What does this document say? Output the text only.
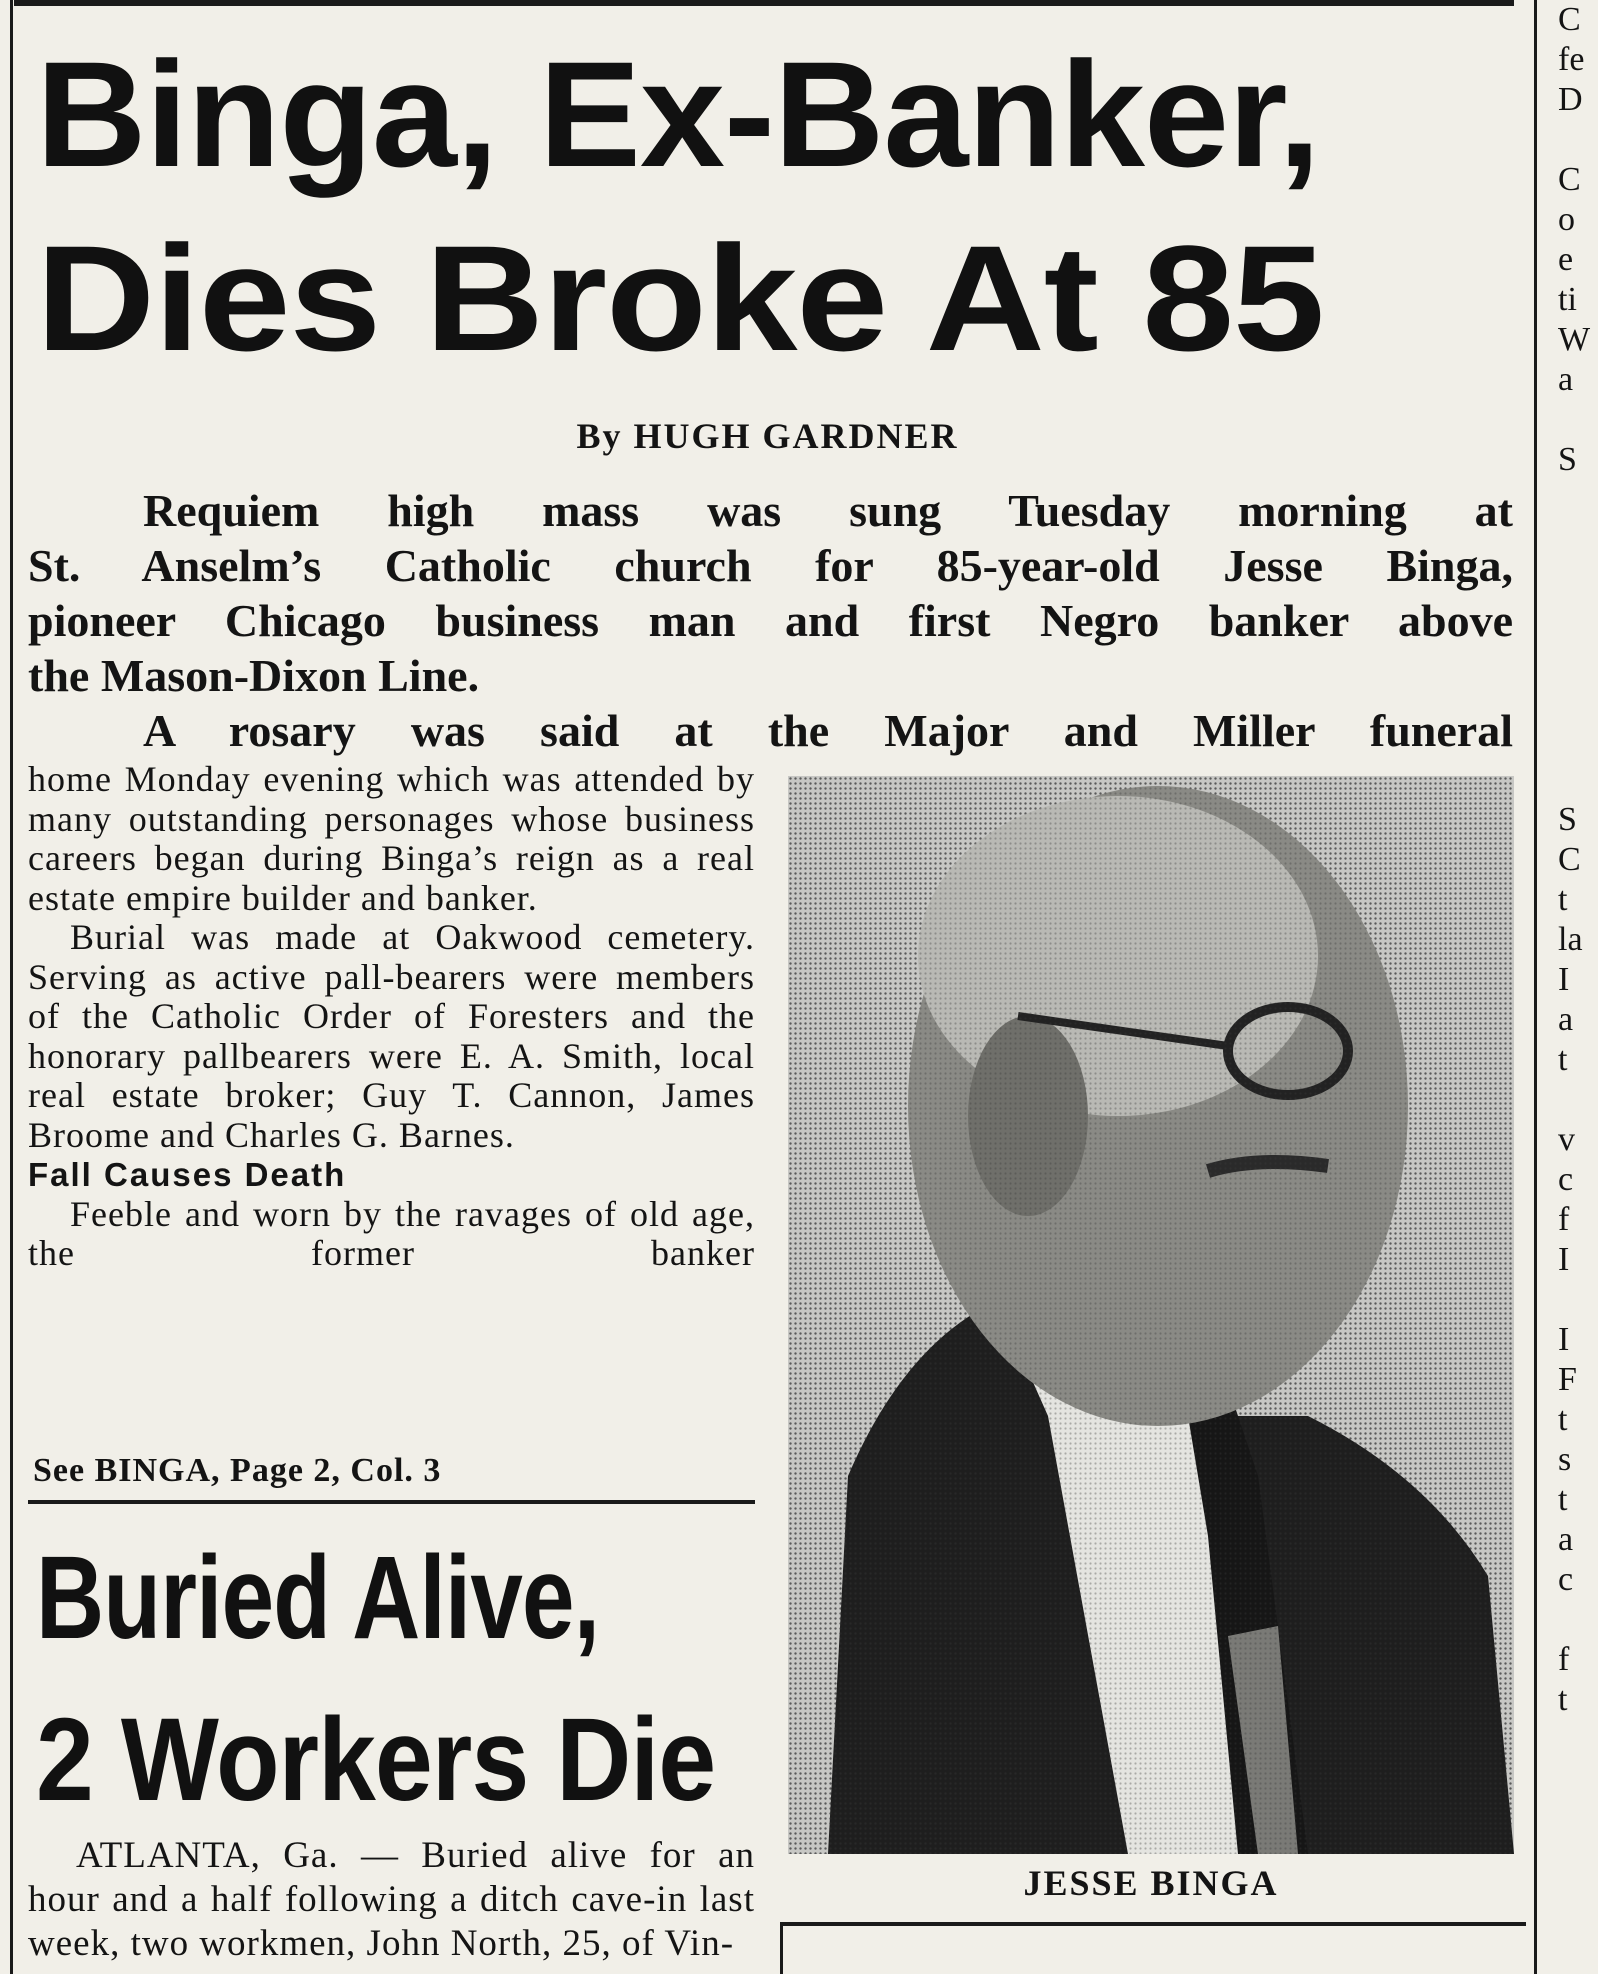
Binga, Ex-Banker,
Dies Broke At 85
By HUGH GARDNER

Requiem high mass was sung Tuesday morning at

St. Anselm’s Catholic church for 85-year-old Jesse Binga,

pioneer Chicago business man and first Negro banker above

the Mason-Dixon Line.

A rosary was said at the Major and Miller funeral

home Monday evening which was attended by many outstanding personages whose business careers began during Binga’s reign as a real estate empire builder and banker.

Burial was made at Oakwood cemetery. Serving as active pall-bearers were members of the Catholic Order of Foresters and the honorary pallbearers were E. A. Smith, local real estate broker; Guy T. Cannon, James Broome and Charles G. Barnes.

Fall Causes Death

Feeble and worn by the ravages of old age, the former banker

See BINGA, Page 2, Col. 3
JESSE BINGA
Buried Alive,
2 Workers Die

ATLANTA, Ga. — Buried alive for an hour and a half following a ditch cave-in last week, two workmen, John North, 25, of Vin-

C
fe
D
C
o
e
ti
W
a
S
S
C
t
la
I
a
t
v
c
f
I
I
F
t
s
t
a
c
f
t
